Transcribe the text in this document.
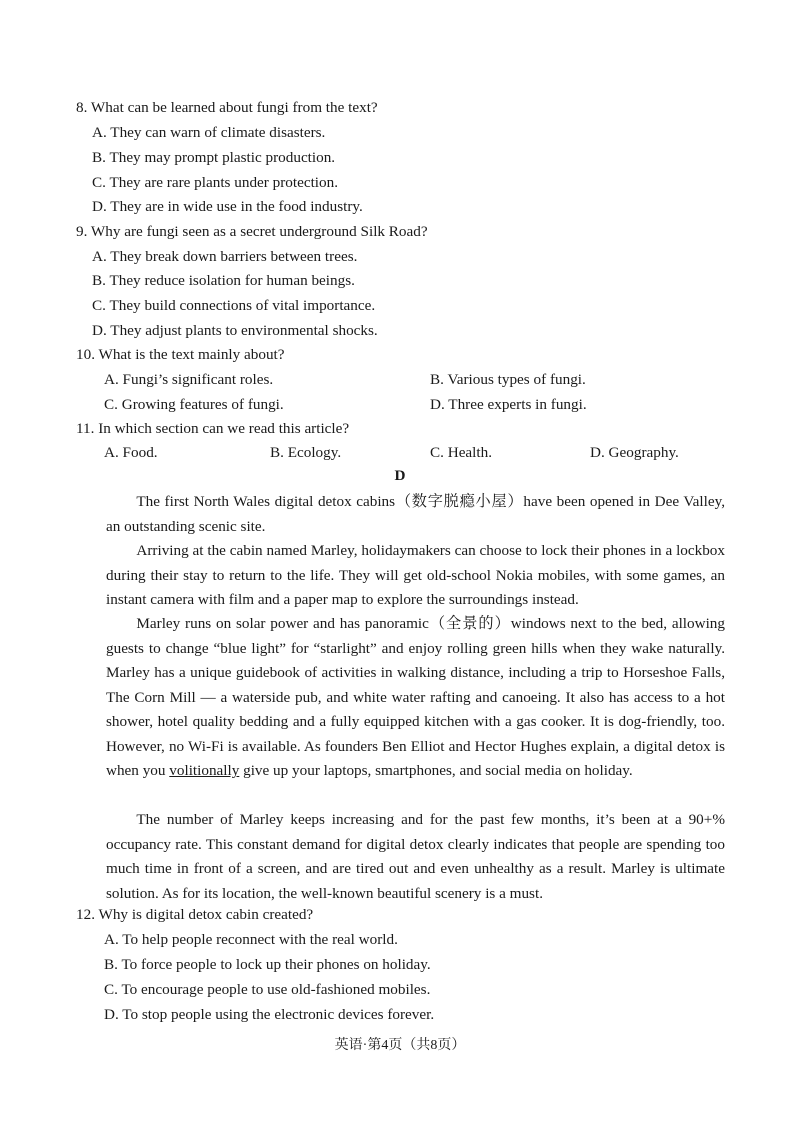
8. What can be learned about fungi from the text?
A. They can warn of climate disasters.
B. They may prompt plastic production.
C. They are rare plants under protection.
D. They are in wide use in the food industry.
9. Why are fungi seen as a secret underground Silk Road?
A. They break down barriers between trees.
B. They reduce isolation for human beings.
C. They build connections of vital importance.
D. They adjust plants to environmental shocks.
10. What is the text mainly about?
A. Fungi’s significant roles.	B. Various types of fungi.
C. Growing features of fungi.	D. Three experts in fungi.
11. In which section can we read this article?
A. Food.	B. Ecology.	C. Health.	D. Geography.
D
The first North Wales digital detox cabins（数字脱瘾小屋）have been opened in Dee Valley, an outstanding scenic site.
Arriving at the cabin named Marley, holidaymakers can choose to lock their phones in a lockbox during their stay to return to the life. They will get old-school Nokia mobiles, with some games, an instant camera with film and a paper map to explore the surroundings instead.
Marley runs on solar power and has panoramic（全景的）windows next to the bed, allowing guests to change “blue light” for “starlight” and enjoy rolling green hills when they wake naturally. Marley has a unique guidebook of activities in walking distance, including a trip to Horseshoe Falls, The Corn Mill — a waterside pub, and white water rafting and canoeing. It also has access to a hot shower, hotel quality bedding and a fully equipped kitchen with a gas cooker. It is dog-friendly, too. However, no Wi-Fi is available. As founders Ben Elliot and Hector Hughes explain, a digital detox is when you volitionally give up your laptops, smartphones, and social media on holiday.
The number of Marley keeps increasing and for the past few months, it’s been at a 90+% occupancy rate. This constant demand for digital detox clearly indicates that people are spending too much time in front of a screen, and are tired out and even unhealthy as a result. Marley is ultimate solution. As for its location, the well-known beautiful scenery is a must.
12. Why is digital detox cabin created?
A. To help people reconnect with the real world.
B. To force people to lock up their phones on holiday.
C. To encourage people to use old-fashioned mobiles.
D. To stop people using the electronic devices forever.
英语·第4页（共8页）
